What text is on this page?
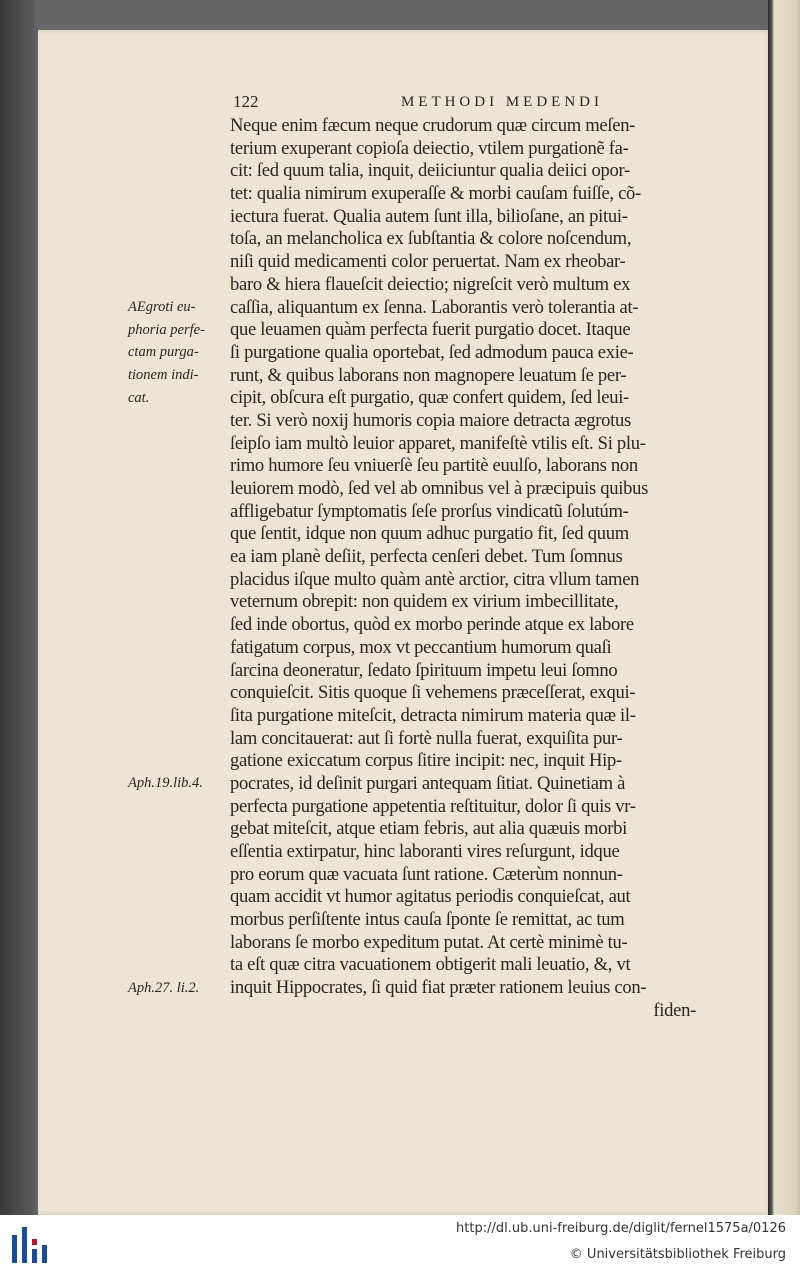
122	METHODI MEDENDI
Neque enim fæcum neque crudorum quæ circum meſen-
terium exuperant copioſa deiectio, vtilem purgationẽ fa-
cit: ſed quum talia, inquit, deiiciuntur qualia deiici opor-
tet: qualia nimirum exuperaſſe & morbi cauſam fuiſſe, cõ-
iectura fuerat. Qualia autem ſunt illa, bilioſane, an pitui-
toſa, an melancholica ex ſubſtantia & colore noſcendum,
niſi quid medicamenti color peruertat. Nam ex rheobar-
baro & hiera flaueſcit deiectio; nigreſcit verò multum ex
caſſia, aliquantum ex ſenna. Laborantis verò tolerantia at-
que leuamen quàm perfecta fuerit purgatio docet. Itaque
ſi purgatione qualia oportebat, ſed admodum pauca exie-
runt, & quibus laborans non magnopere leuatum ſe per-
cipit, obſcura eſt purgatio, quæ confert quidem, ſed leui-
ter. Si verò noxij humoris copia maiore detracta ægrotus
ſeipſo iam multò leuior apparet, manifeſtè vtilis eſt. Si plu-
rimo humore ſeu vniuerſè ſeu partitè euulſo, laborans non
leuiorem modò, ſed vel ab omnibus vel à præcipuis quibus
affligebatur ſymptomatis ſeſe prorſus vindicatũ ſolutúm-
que ſentit, idque non quum adhuc purgatio fit, ſed quum
ea iam planè deſiit, perfecta cenſeri debet. Tum ſomnus
placidus iſque multo quàm antè arctior, citra vllum tamen
veternum obrepit: non quidem ex virium imbecillitate,
ſed inde obortus, quòd ex morbo perinde atque ex labore
fatigatum corpus, mox vt peccantium humorum quaſi
ſarcina deoneratur, ſedato ſpirituum impetu leui ſomno
conquieſcit. Sitis quoque ſi vehemens præceſſerat, exqui-
ſita purgatione miteſcit, detracta nimirum materia quæ il-
lam concitauerat: aut ſi fortè nulla fuerat, exquiſita pur-
gatione exiccatum corpus ſitire incipit: nec, inquit Hip-
pocrates, id deſinit purgari antequam ſitiat. Quinetiam à
perfecta purgatione appetentia reſtituitur, dolor ſi quis vr-
gebat miteſcit, atque etiam febris, aut alia quæuis morbi
eſſentia extirpatur, hinc laboranti vires reſurgunt, idque
pro eorum quæ vacuata ſunt ratione. Cæterùm nonnun-
quam accidit vt humor agitatus periodis conquieſcat, aut
morbus perſiſtente intus cauſa ſponte ſe remittat, ac tum
laborans ſe morbo expeditum putat. At certè minimè tu-
ta eſt quæ citra vacuationem obtigerit mali leuatio, &, vt
inquit Hippocrates, ſi quid fiat præter rationem leuius con-
fiden-
AEgroti eu-
phoria perfe-
ctam purga-
tionem indi-
cat.
Aph.19.lib.4.
Aph.27. li.2.
http://dl.ub.uni-freiburg.de/diglit/fernel1575a/0126
© Universitätsbibliothek Freiburg
